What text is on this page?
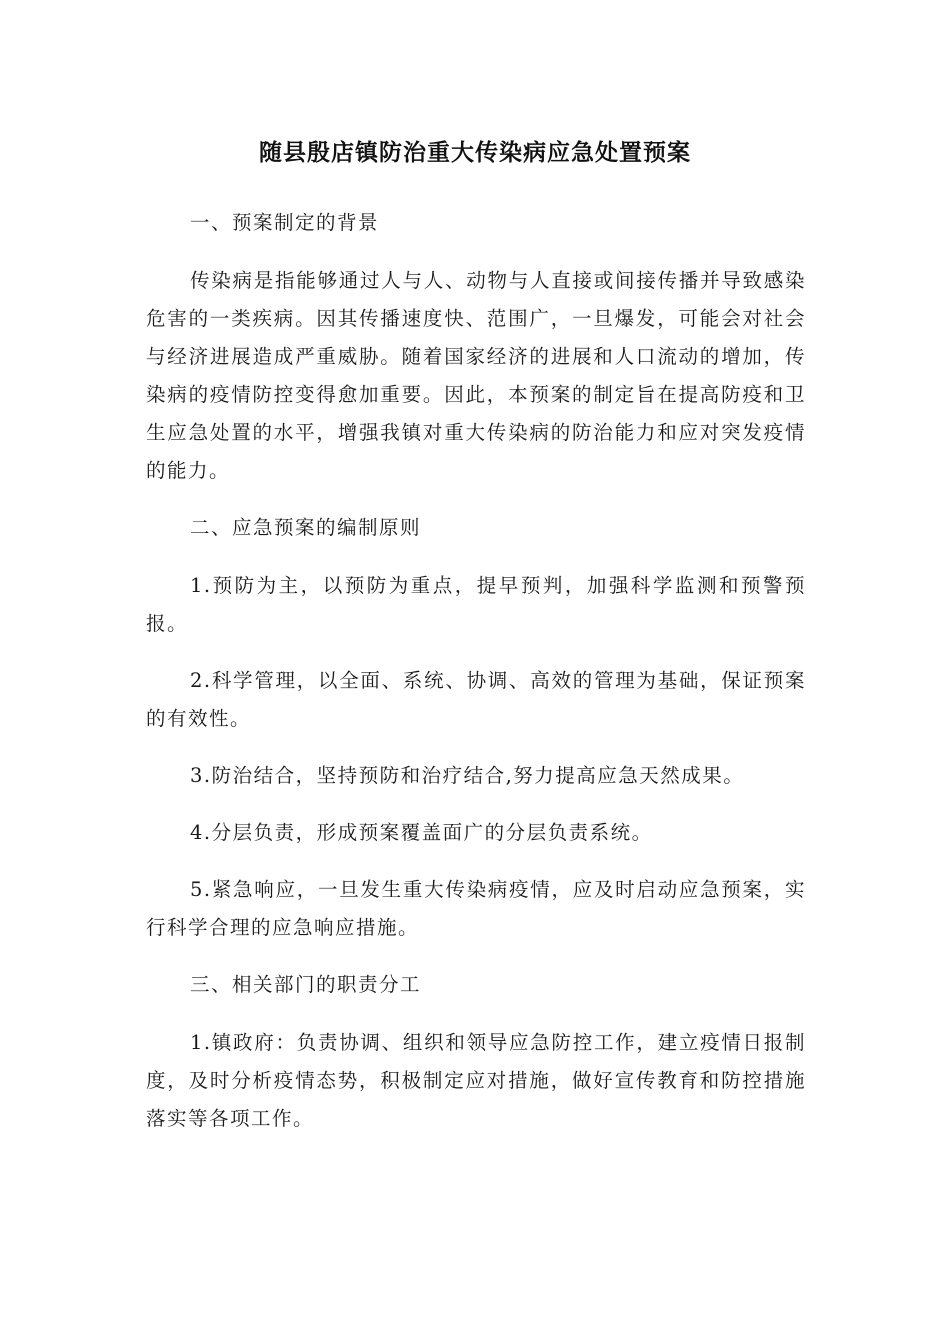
随县殷店镇防治重大传染病应急处置预案

一、预案制定的背景

传染病是指能够通过人与人、动物与人直接或间接传播并导致感染危害的一类疾病。因其传播速度快、范围广，一旦爆发，可能会对社会与经济进展造成严重威胁。随着国家经济的进展和人口流动的增加，传染病的疫情防控变得愈加重要。因此，本预案的制定旨在提高防疫和卫生应急处置的水平，增强我镇对重大传染病的防治能力和应对突发疫情的能力。

二、应急预案的编制原则

1.预防为主，以预防为重点，提早预判，加强科学监测和预警预报。

2.科学管理，以全面、系统、协调、高效的管理为基础，保证预案的有效性。

3.防治结合，坚持预防和治疗结合,努力提高应急天然成果。

4.分层负责，形成预案覆盖面广的分层负责系统。

5.紧急响应，一旦发生重大传染病疫情，应及时启动应急预案，实行科学合理的应急响应措施。

三、相关部门的职责分工

1.镇政府：负责协调、组织和领导应急防控工作，建立疫情日报制度，及时分析疫情态势，积极制定应对措施，做好宣传教育和防控措施落实等各项工作。
